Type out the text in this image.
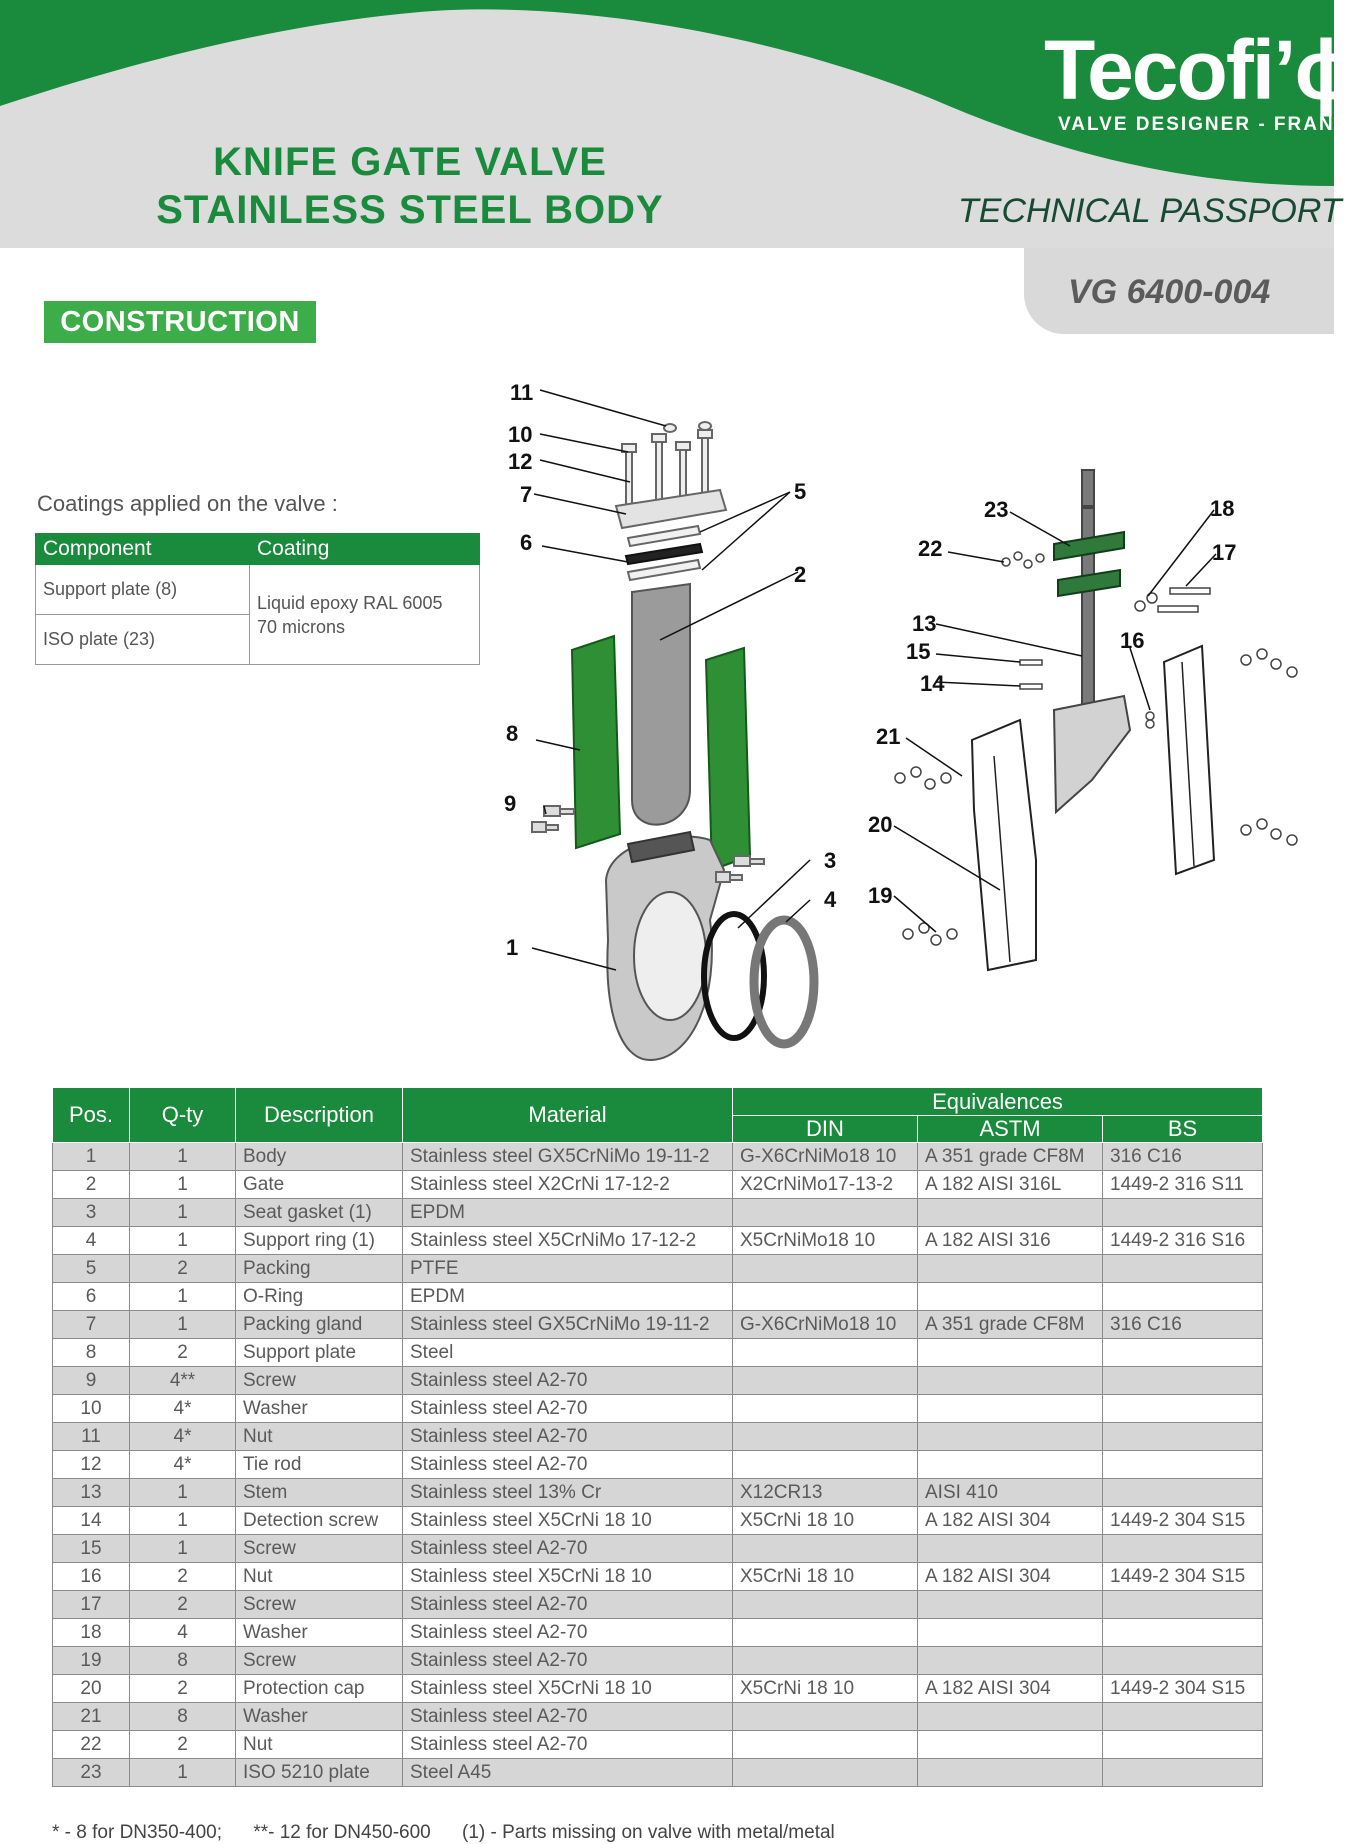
Tecofi’ɸ
VALVE DESIGNER - FRAN
KNIFE GATE VALVE
STAINLESS STEEL BODY	TECHNICAL PASSPORT
VG 6400-004
CONSTRUCTION
Coatings applied on the valve :
Component	Coating
Support plate (8)	Liquid epoxy RAL 6005
70 microns

ISO plate (23)	
11
10
12
7
6
5
2
8
9
3
4
1
23
22
18
17
13
15	16
14
21
20
19
Pos.	Q-ty	Description	Material	Equivalences		
				DIN	ASTM	BS
1	1	Body	Stainless steel GX5CrNiMo 19-11-2	G-X6CrNiMo18 10	A 351 grade CF8M	316 C16
2	1	Gate	Stainless steel X2CrNi 17-12-2	X2CrNiMo17-13-2	A 182 AISI 316L	1449-2 316 S11
3	1	Seat gasket (1)	EPDM			
4	1	Support ring (1)	Stainless steel X5CrNiMo 17-12-2	X5CrNiMo18 10	A 182 AISI 316	1449-2 316 S16
5	2	Packing	PTFE			
6	1	O-Ring	EPDM			
7	1	Packing gland	Stainless steel GX5CrNiMo 19-11-2	G-X6CrNiMo18 10	A 351 grade CF8M	316 C16
8	2	Support plate	Steel			
9	4**	Screw	Stainless steel A2-70			
10	4*	Washer	Stainless steel A2-70			
11	4*	Nut	Stainless steel A2-70			
12	4*	Tie rod	Stainless steel A2-70			
13	1	Stem	Stainless steel 13% Cr	X12CR13	AISI 410	
14	1	Detection screw	Stainless steel X5CrNi 18 10	X5CrNi 18 10	A 182 AISI 304	1449-2 304 S15
15	1	Screw	Stainless steel A2-70			
16	2	Nut	Stainless steel X5CrNi 18 10	X5CrNi 18 10	A 182 AISI 304	1449-2 304 S15
17	2	Screw	Stainless steel A2-70			
18	4	Washer	Stainless steel A2-70			
19	8	Screw	Stainless steel A2-70			
20	2	Protection cap	Stainless steel X5CrNi 18 10	X5CrNi 18 10	A 182 AISI 304	1449-2 304 S15
21	8	Washer	Stainless steel A2-70			
22	2	Nut	Stainless steel A2-70			
23	1	ISO 5210 plate	Steel A45			
* - 8 for DN350-400; **- 12 for DN450-600 (1) - Parts missing on valve with metal/metal
